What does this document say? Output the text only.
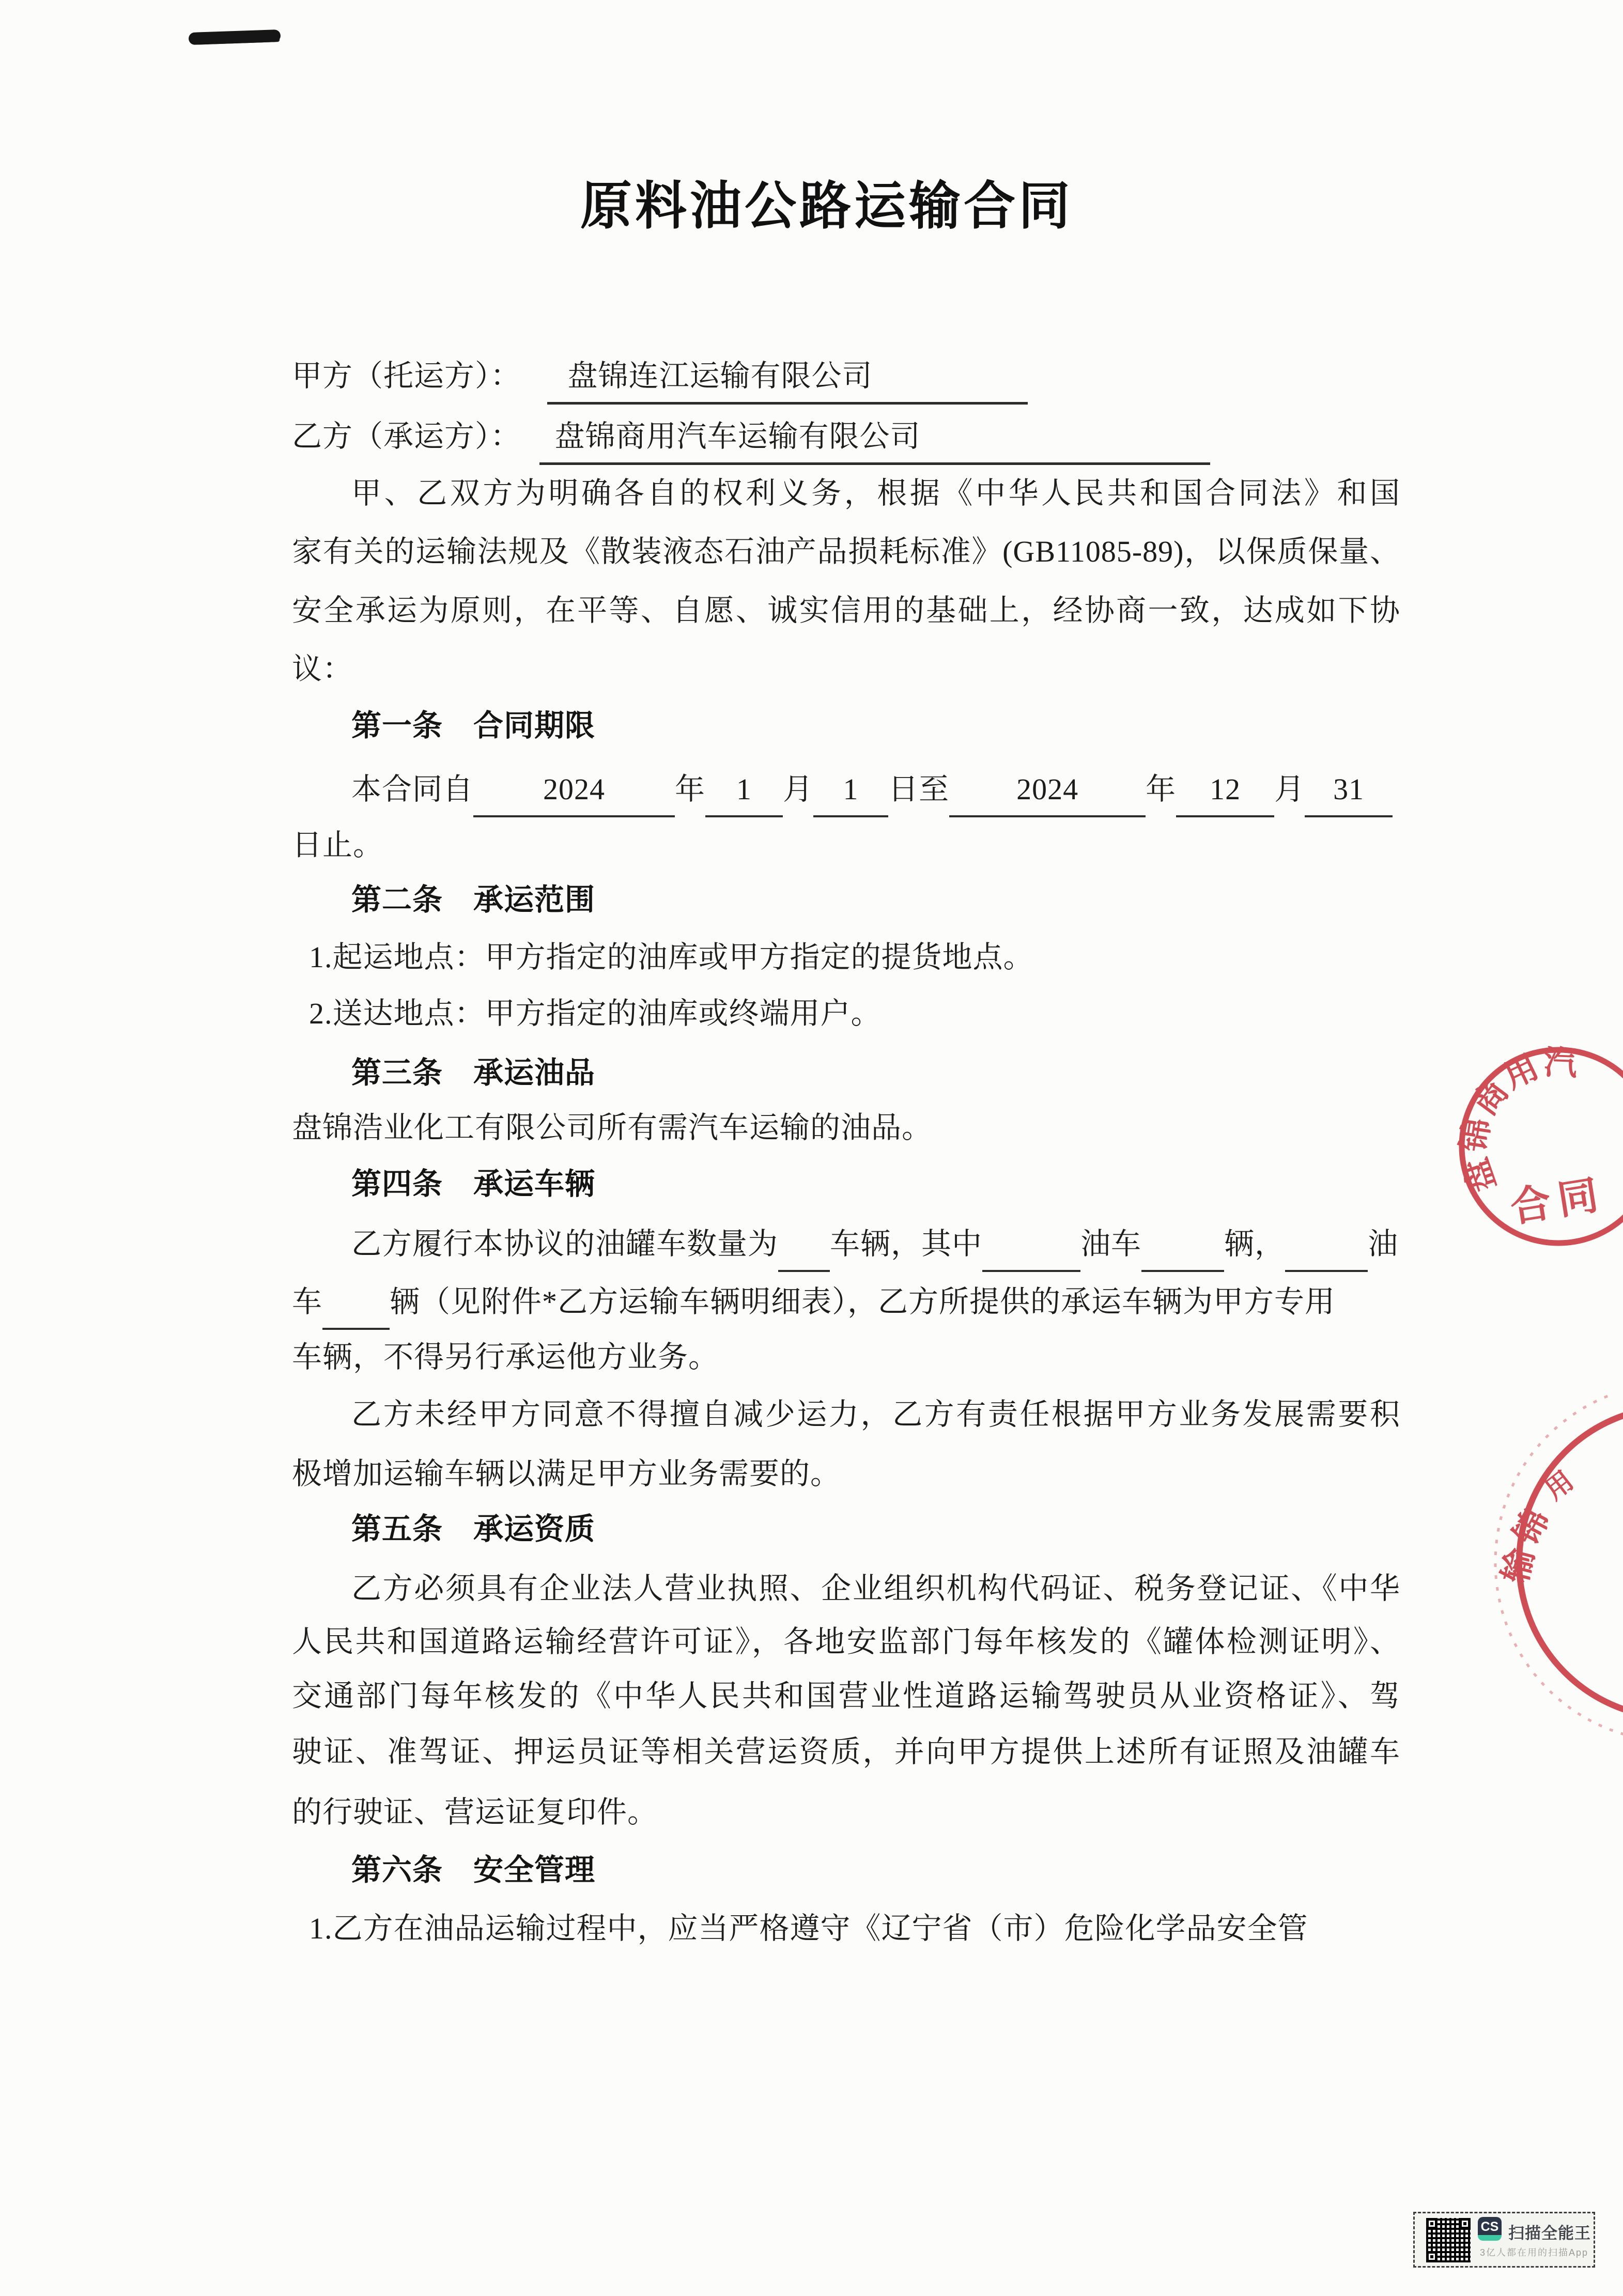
原料油公路运输合同
甲方（托运方）： 盘锦连江运输有限公司
乙方（承运方）： 盘锦商用汽车运输有限公司
甲、乙双方为明确各自的权利义务，根据《中华人民共和国合同法》和国
家有关的运输法规及《散装液态石油产品损耗标准》(GB11085-89)，以保质保量、
安全承运为原则，在平等、自愿、诚实信用的基础上，经协商一致，达成如下协
议：
第一条　合同期限
本合同自 2024 年 1 月 1 日至 2024 年 12 月 31
日止。
第二条　承运范围
1.起运地点：甲方指定的油库或甲方指定的提货地点。
2.送达地点：甲方指定的油库或终端用户。
第三条　承运油品
盘锦浩业化工有限公司所有需汽车运输的油品。
第四条　承运车辆
乙方履行本协议的油罐车数量为 车辆，其中	油车	辆，	油
车 辆（见附件*乙方运输车辆明细表），乙方所提供的承运车辆为甲方专用
车辆，不得另行承运他方业务。
乙方未经甲方同意不得擅自减少运力，乙方有责任根据甲方业务发展需要积
极增加运输车辆以满足甲方业务需要的。
第五条　承运资质
乙方必须具有企业法人营业执照、企业组织机构代码证、税务登记证、《中华
人民共和国道路运输经营许可证》，各地安监部门每年核发的《罐体检测证明》、
交通部门每年核发的《中华人民共和国营业性道路运输驾驶员从业资格证》、驾
驶证、准驾证、押运员证等相关营运资质，并向甲方提供上述所有证照及油罐车
的行驶证、营运证复印件。
第六条　安全管理
1.乙方在油品运输过程中，应当严格遵守《辽宁省（市）危险化学品安全管
盘锦商用汽
合同
用
锦
输
CS 扫描全能王
3亿人都在用的扫描App
